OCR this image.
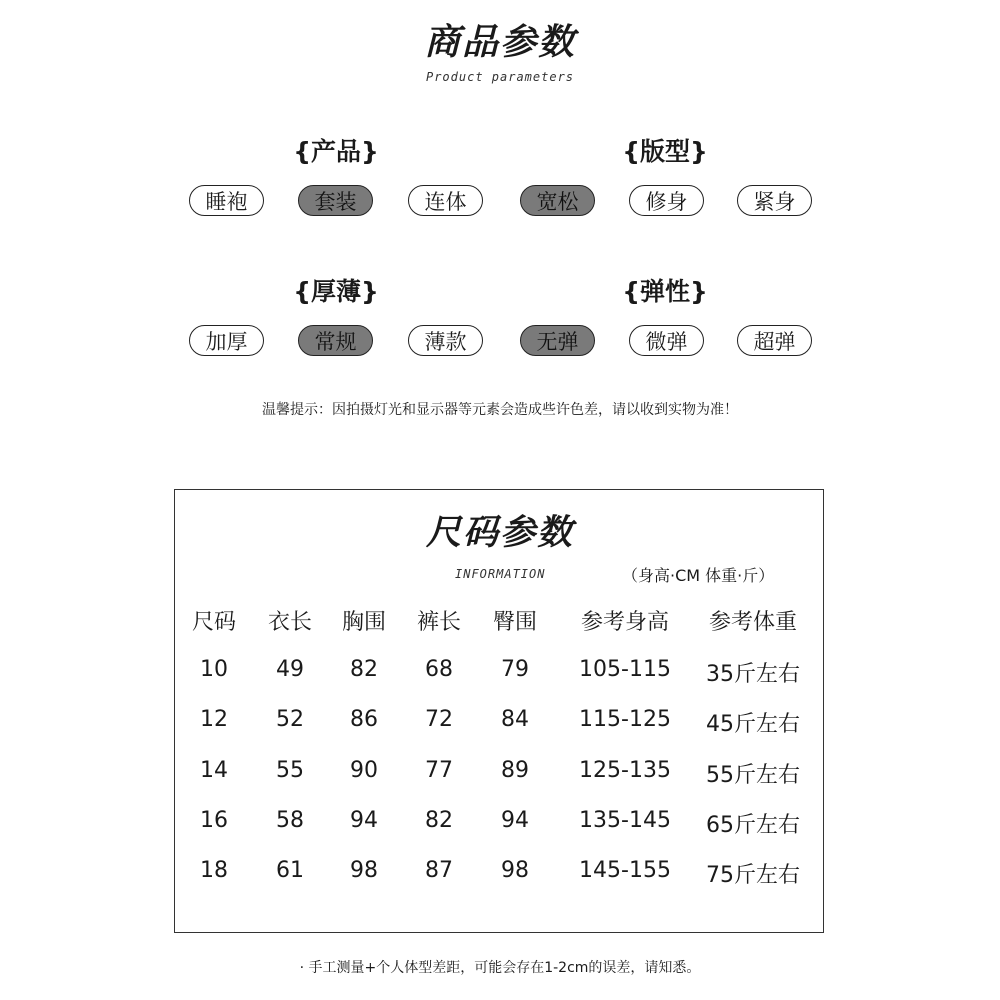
商品参数
Product parameters
{产品}	{版型}
{厚薄}	{弹性}
睡袍	套装	连体	宽松	修身	紧身
加厚	常规	薄款	无弹	微弹	超弹
温馨提示：因拍摄灯光和显示器等元素会造成些许色差，请以收到实物为准！
尺码参数
INFORMATION	（身高·CM 体重·斤）
尺码 衣长 胸围 裤长 臀围 参考身高 参考体重
10 49 82 68 79 105-115 35斤左右
12 52 86 72 84 115-125 45斤左右
14 55 90 77 89 125-135 55斤左右
16 58 94 82 94 135-145 65斤左右
18 61 98 87 98 145-155 75斤左右
· 手工测量+个人体型差距，可能会存在1-2cm的误差，请知悉。
